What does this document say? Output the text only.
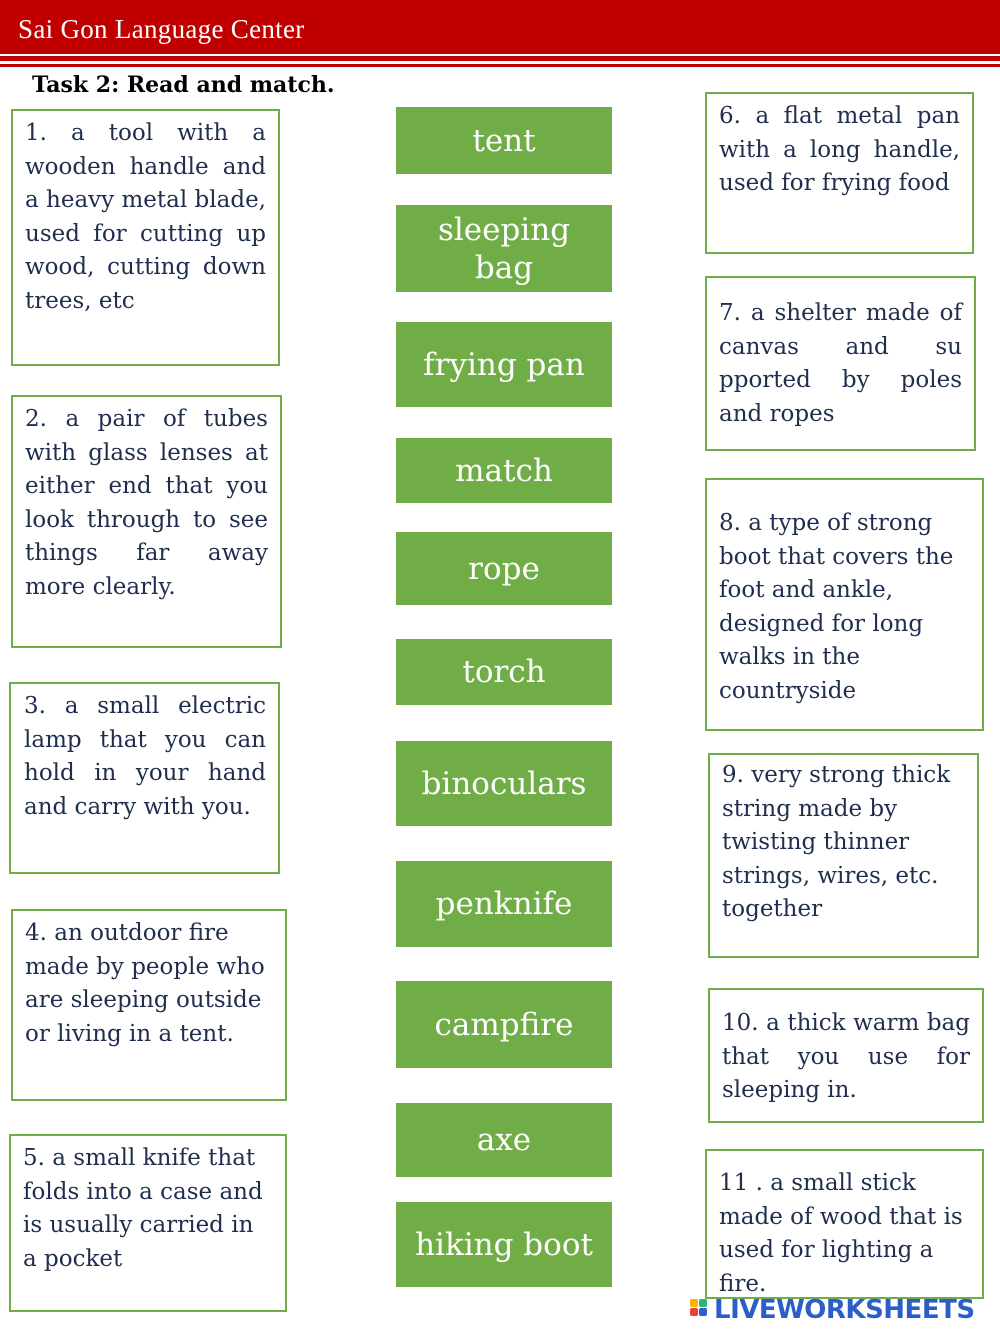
Sai Gon Language Center
Task 2: Read and match.
1. a tool with a wooden handle and a heavy metal blade, used for cutting up wood, cutting down trees, etc
2. a pair of tubes with glass lenses at either end that you look through to see things far away more clearly.
3. a small electric lamp that you can hold in your hand and carry with you.
4. an outdoor fire made by people who are sleeping outside or living in a tent.
5. a small knife that folds into a case and is usually carried in a pocket
tent
sleeping bag
frying pan
match
rope
torch
binoculars
penknife
campfire
axe
hiking boot
6. a flat metal pan with a long handle, used for frying food
7. a shelter made of canvas and su pported by poles and ropes
8. a type of strong boot that covers the foot and ankle, designed for long walks in the countryside
9. very strong thick string made by twisting thinner strings, wires, etc. together
10. a thick warm bag that you use for sleeping in.
11 . a small stick made of wood that is used for lighting a fire.
LIVEWORKSHEETS
